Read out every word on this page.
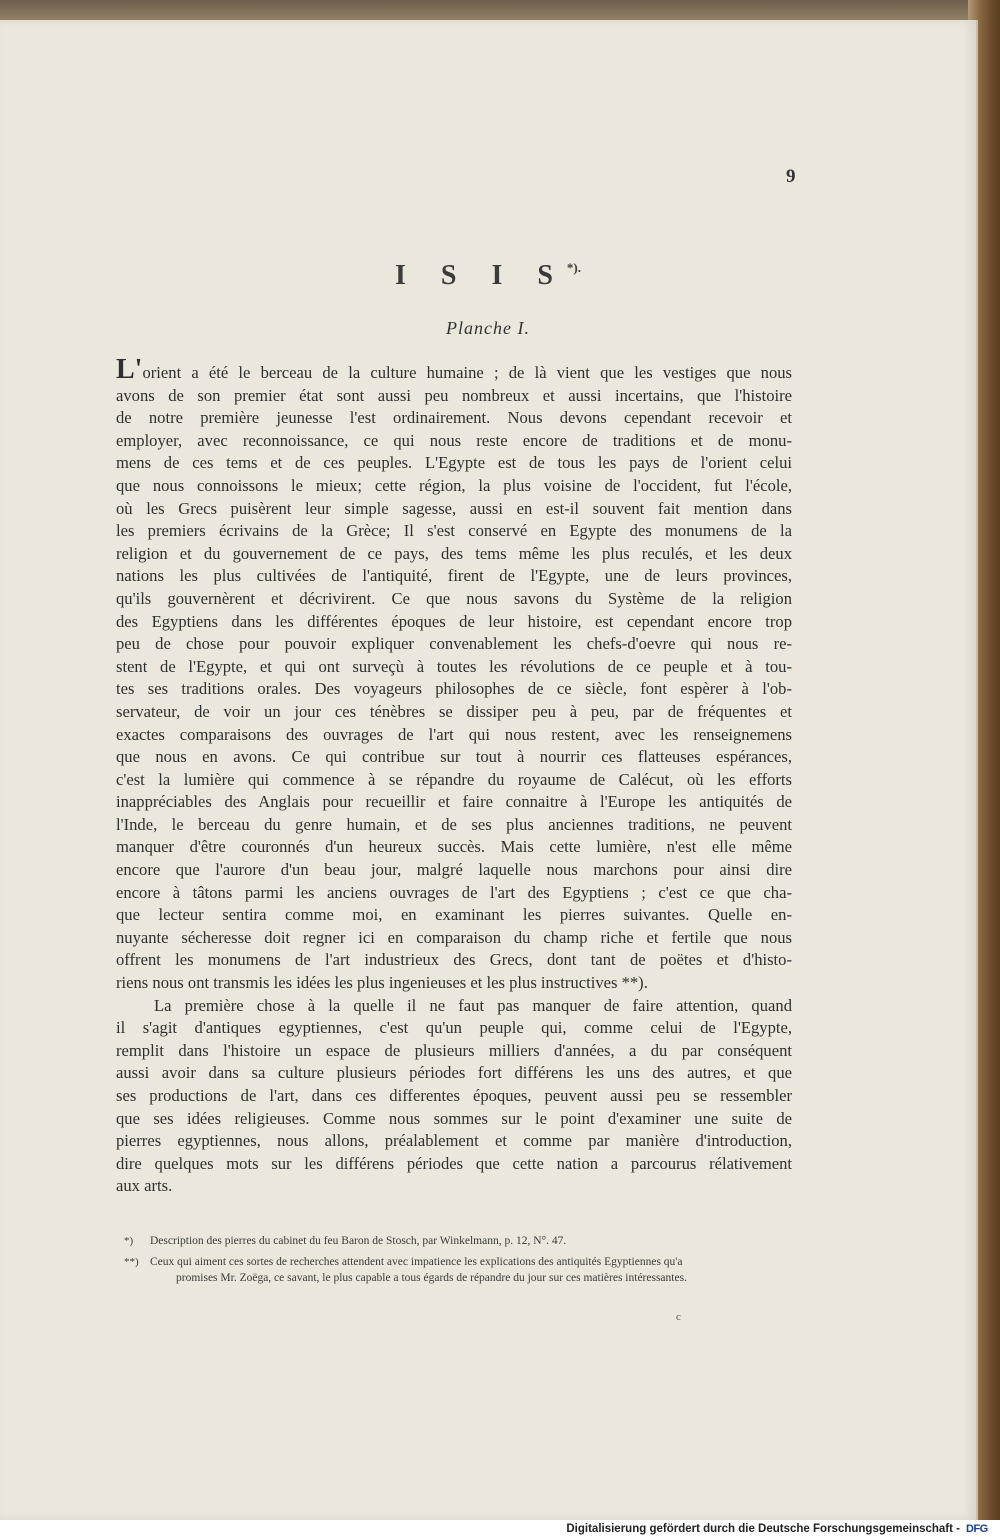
9
I S I S*).
Planche I.
L'orient a été le berceau de la culture humaine ; de là vient que les vestiges que nous
avons de son premier état sont aussi peu nombreux et aussi incertains, que l'histoire
de notre première jeunesse l'est ordinairement. Nous devons cependant recevoir et
employer, avec reconnoissance, ce qui nous reste encore de traditions et de monu-
mens de ces tems et de ces peuples. L'Egypte est de tous les pays de l'orient celui
que nous connoissons le mieux; cette région, la plus voisine de l'occident, fut l'école,
où les Grecs puisèrent leur simple sagesse, aussi en est-il souvent fait mention dans
les premiers écrivains de la Grèce; Il s'est conservé en Egypte des monumens de la
religion et du gouvernement de ce pays, des tems même les plus reculés, et les deux
nations les plus cultivées de l'antiquité, firent de l'Egypte, une de leurs provinces,
qu'ils gouvernèrent et décrivirent. Ce que nous savons du Système de la religion
des Egyptiens dans les différentes époques de leur histoire, est cependant encore trop
peu de chose pour pouvoir expliquer convenablement les chefs-d'oevre qui nous re-
stent de l'Egypte, et qui ont surveçù à toutes les révolutions de ce peuple et à tou-
tes ses traditions orales. Des voyageurs philosophes de ce siècle, font espèrer à l'ob-
servateur, de voir un jour ces ténèbres se dissiper peu à peu, par de fréquentes et
exactes comparaisons des ouvrages de l'art qui nous restent, avec les renseignemens
que nous en avons. Ce qui contribue sur tout à nourrir ces flatteuses espérances,
c'est la lumière qui commence à se répandre du royaume de Calécut, où les efforts
inappréciables des Anglais pour recueillir et faire connaitre à l'Europe les antiquités de
l'Inde, le berceau du genre humain, et de ses plus anciennes traditions, ne peuvent
manquer d'être couronnés d'un heureux succès. Mais cette lumière, n'est elle même
encore que l'aurore d'un beau jour, malgré laquelle nous marchons pour ainsi dire
encore à tâtons parmi les anciens ouvrages de l'art des Egyptiens ; c'est ce que cha-
que lecteur sentira comme moi, en examinant les pierres suivantes. Quelle en-
nuyante sécheresse doit regner ici en comparaison du champ riche et fertile que nous
offrent les monumens de l'art industrieux des Grecs, dont tant de poëtes et d'histo-
riens nous ont transmis les idées les plus ingenieuses et les plus instructives **).
La première chose à la quelle il ne faut pas manquer de faire attention, quand
il s'agit d'antiques egyptiennes, c'est qu'un peuple qui, comme celui de l'Egypte,
remplit dans l'histoire un espace de plusieurs milliers d'années, a du par conséquent
aussi avoir dans sa culture plusieurs périodes fort différens les uns des autres, et que
ses productions de l'art, dans ces differentes époques, peuvent aussi peu se ressembler
que ses idées religieuses. Comme nous sommes sur le point d'examiner une suite de
pierres egyptiennes, nous allons, préalablement et comme par manière d'introduction,
dire quelques mots sur les différens périodes que cette nation a parcourus rélativement
aux arts.
*) Description des pierres du cabinet du feu Baron de Stosch, par Winkelmann, p. 12, N°. 47.
**) Ceux qui aiment ces sortes de recherches attendent avec impatience les explications des antiquités Egyptiennes qu'a
promises Mr. Zoëga, ce savant, le plus capable a tous égards de répandre du jour sur ces matières intéressantes.
c
Digitalisierung gefördert durch die Deutsche Forschungsgemeinschaft - DFG
